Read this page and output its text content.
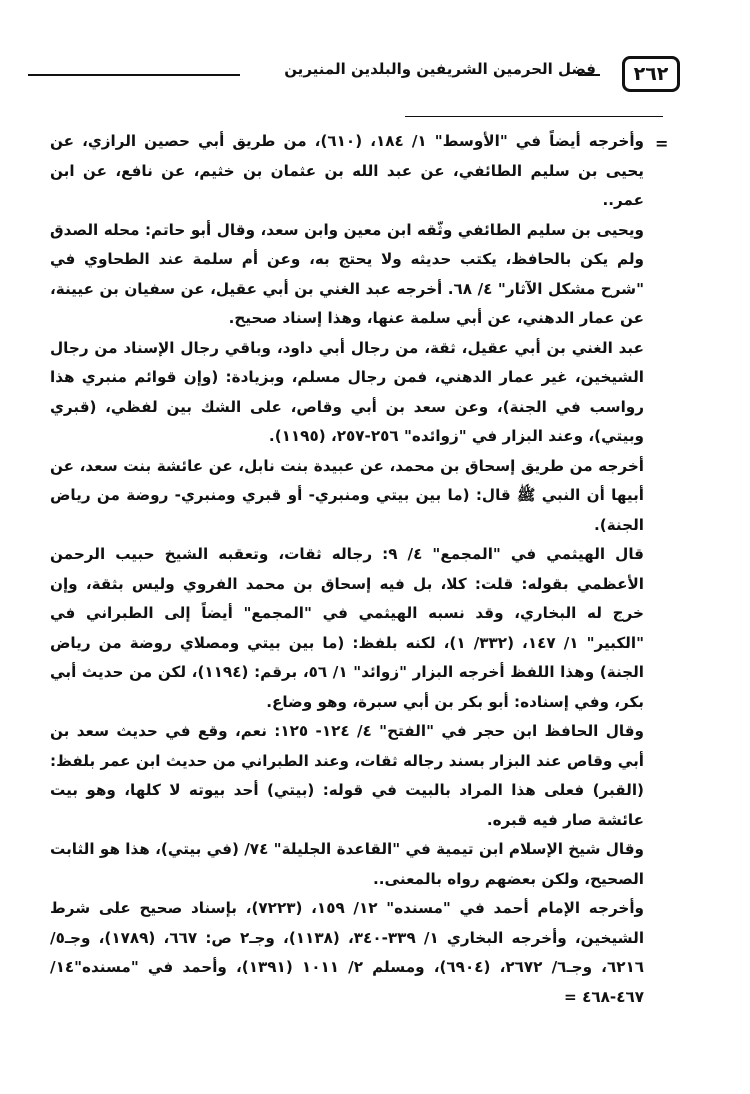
فضل الحرمين الشريفين والبلدين المنيرين	٢٦٢
=

وأخرجه أيضاً في "الأوسط" ١/ ١٨٤، (٦١٠)، من طريق أبي حصين الرازي، عن يحيى بن سليم الطائفي، عن عبد الله بن عثمان بن خثيم، عن نافع، عن ابن عمر..

ويحيى بن سليم الطائفي وثّقه ابن معين وابن سعد، وقال أبو حاتم: محله الصدق ولم يكن بالحافظ، يكتب حديثه ولا يحتج به، وعن أم سلمة عند الطحاوي في "شرح مشكل الآثار" ٤/ ٦٨. أخرجه عبد الغني بن أبي عقيل، عن سفيان بن عيينة، عن عمار الدهني، عن أبي سلمة عنها، وهذا إسناد صحيح.

عبد الغني بن أبي عقيل، ثقة، من رجال أبي داود، وباقي رجال الإسناد من رجال الشيخين، غير عمار الدهني، فمن رجال مسلم، وبزيادة: (وإن قوائم منبري هذا رواسب في الجنة)، وعن سعد بن أبي وقاص، على الشك بين لفظي، (قبري وبيتي)، وعند البزار في "زوائده" ٢٥٦-٢٥٧، (١١٩٥).

أخرجه من طريق إسحاق بن محمد، عن عبيدة بنت نابل، عن عائشة بنت سعد، عن أبيها أن النبي ﷺ قال: (ما بين بيتي ومنبري- أو قبري ومنبري- روضة من رياض الجنة).

قال الهيثمي في "المجمع" ٤/ ٩: رجاله ثقات، وتعقبه الشيخ حبيب الرحمن الأعظمي بقوله: قلت: كلا، بل فيه إسحاق بن محمد الفروي وليس بثقة، وإن خرج له البخاري، وقد نسبه الهيثمي في "المجمع" أيضاً إلى الطبراني في "الكبير" ١/ ١٤٧، (٣٣٢/ ١)، لكنه بلفظ: (ما بين بيتي ومصلاي روضة من رياض الجنة) وهذا اللفظ أخرجه البزار "زوائد" ١/ ٥٦، برقم: (١١٩٤)، لكن من حديث أبي بكر، وفي إسناده: أبو بكر بن أبي سبرة، وهو وضاع.

وقال الحافظ ابن حجر في "الفتح" ٤/ ١٢٤- ١٢٥: نعم، وقع في حديث سعد بن أبي وقاص عند البزار بسند رجاله ثقات، وعند الطبراني من حديث ابن عمر بلفظ: (القبر) فعلى هذا المراد بالبيت في قوله: (بيتي) أحد بيوته لا كلها، وهو بيت عائشة صار فيه قبره.

وقال شيخ الإسلام ابن تيمية في "القاعدة الجليلة" ٧٤/ (في بيتي)، هذا هو الثابت الصحيح، ولكن بعضهم رواه بالمعنى..

وأخرجه الإمام أحمد في "مسنده" ١٢/ ١٥٩، (٧٢٢٣)، بإسناد صحيح على شرط الشيخين، وأخرجه البخاري ١/ ٣٣٩-٣٤٠، (١١٣٨)، وجـ٢ ص: ٦٦٧، (١٧٨٩)، وجـ٥/ ٦٢١٦، وجـ٦/ ٢٦٧٢، (٦٩٠٤)، ومسلم ٢/ ١٠١١ (١٣٩١)، وأحمد في "مسنده"١٤/ ٤٦٧-٤٦٨ =
